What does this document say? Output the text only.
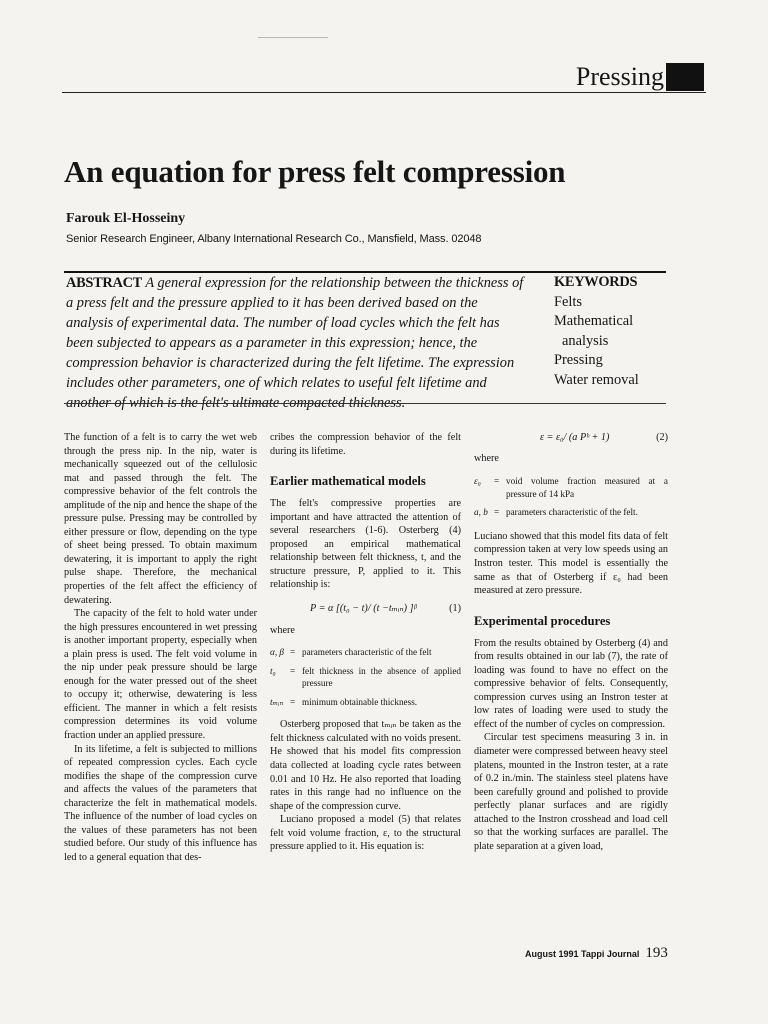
Pressing
An equation for press felt compression
Farouk El-Hosseiny
Senior Research Engineer, Albany International Research Co., Mansfield, Mass. 02048
ABSTRACT A general expression for the relationship between the thickness of
a press felt and the pressure applied to it has been derived based on the
analysis of experimental data. The number of load cycles which the felt has
been subjected to appears as a parameter in this expression; hence, the
compression behavior is characterized during the felt lifetime. The expression
includes other parameters, one of which relates to useful felt lifetime and
another of which is the felt's ultimate compacted thickness.
KEYWORDS
Felts
Mathematical
analysis
Pressing
Water removal

The function of a felt is to carry the wet web through the press nip. In the nip, water is mechanically squeezed out of the cellulosic mat and passed through the felt. The compressive behavior of the felt controls the amplitude of the nip and hence the shape of the pressure pulse. Pressing may be controlled by either pressure or flow, depending on the type of sheet being pressed. To obtain maximum dewatering, it is important to apply the right pulse shape. Therefore, the mechanical properties of the felt affect the efficiency of dewatering.

The capacity of the felt to hold water under the high pressures encountered in wet pressing is another important property, especially when a plain press is used. The felt void volume in the nip under peak pressure should be large enough for the water pressed out of the sheet to occupy it; otherwise, dewatering is less efficient. The manner in which a felt resists compression determines its void volume fraction under an applied pressure.

In its lifetime, a felt is subjected to millions of repeated compression cycles. Each cycle modifies the shape of the compression curve and affects the values of the parameters that characterize the felt in mathematical models. The influence of the number of load cycles on the values of these parameters has not been studied before. Our study of this influence has led to a general equation that des-

cribes the compression behavior of the felt during its lifetime.

Earlier mathematical models

The felt's compressive properties are important and have attracted the attention of several researchers (1-6). Osterberg (4) proposed an empirical mathematical relationship between felt thickness, t, and the structure pressure, P, applied to it. This relationship is:

P = α [(t₀ − t)/ (t −tₘᵢₙ) ]ᵝ	(1)

where

α, β	=	parameters characteristic of the felt

t₀	=	felt thickness in the absence of applied pressure

tₘᵢₙ	=	minimum obtainable thickness.

Osterberg proposed that tₘᵢₙ be taken as the felt thickness calculated with no voids present. He showed that his model fits compression data collected at loading cycle rates between 0.01 and 10 Hz. He also reported that loading rates in this range had no influence on the shape of the compression curve.

Luciano proposed a model (5) that relates felt void volume fraction, ε, to the structural pressure applied to it. His equation is:

ε = ε₀/ (a Pᵇ + 1)	(2)

where

ε₀	=	void volume fraction measured at a pressure of 14 kPa

a, b	=	parameters characteristic of the felt.

Luciano showed that this model fits data of felt compression taken at very low speeds using an Instron tester. This model is essentially the same as that of Osterberg if ε₀ had been measured at zero pressure.

Experimental procedures

From the results obtained by Osterberg (4) and from results obtained in our lab (7), the rate of loading was found to have no effect on the compressive behavior of felts. Consequently, compression curves using an Instron tester at low rates of loading were used to study the effect of the number of cycles on compression.

Circular test specimens measuring 3 in. in diameter were compressed between heavy steel platens, mounted in the Instron tester, at a rate of 0.2 in./min. The stainless steel platens have been carefully ground and polished to provide perfectly planar surfaces and are rigidly attached to the Instron crosshead and load cell so that the working surfaces are parallel. The plate separation at a given load,

August 1991 Tappi Journal 193
